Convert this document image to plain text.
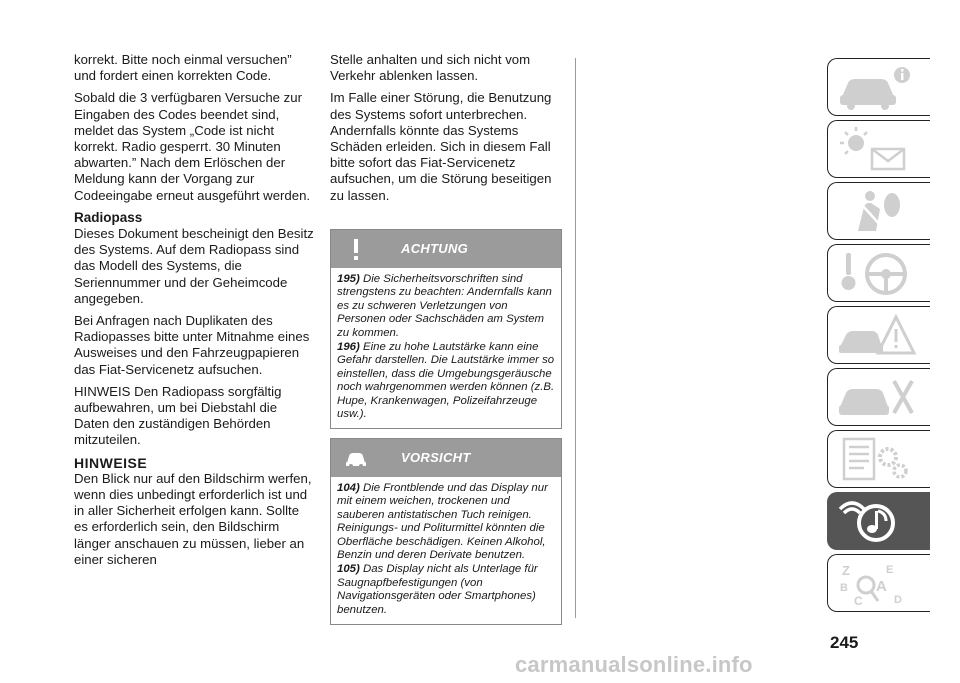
korrekt. Bitte noch einmal versuchen” und fordert einen korrekten Code.

Sobald die 3 verfügbaren Versuche zur Eingaben des Codes beendet sind, meldet das System „Code ist nicht korrekt. Radio gesperrt. 30 Minuten abwarten.” Nach dem Erlöschen der Meldung kann der Vorgang zur Codeeingabe erneut ausgeführt werden.

Radiopass

Dieses Dokument bescheinigt den Besitz des Systems. Auf dem Radiopass sind das Modell des Systems, die Seriennummer und der Geheimcode angegeben.

Bei Anfragen nach Duplikaten des Radiopasses bitte unter Mitnahme eines Ausweises und den Fahrzeugpapieren das Fiat-Servicenetz aufsuchen.

HINWEIS Den Radiopass sorgfältig aufbewahren, um bei Diebstahl die Daten den zuständigen Behörden mitzuteilen.

HINWEISE

Den Blick nur auf den Bildschirm werfen, wenn dies unbedingt erforderlich ist und in aller Sicherheit erfolgen kann. Sollte es erforderlich sein, den Bildschirm länger anschauen zu müssen, lieber an einer sicheren

Stelle anhalten und sich nicht vom Verkehr ablenken lassen.

Im Falle einer Störung, die Benutzung des Systems sofort unterbrechen. Andernfalls könnte das Systems Schäden erleiden. Sich in diesem Fall bitte sofort das Fiat-Servicenetz aufsuchen, um die Störung beseitigen zu lassen.

ACHTUNG

195) Die Sicherheitsvorschriften sind strengstens zu beachten: Andernfalls kann es zu schweren Verletzungen von Personen oder Sachschäden am System zu kommen.

196) Eine zu hohe Lautstärke kann eine Gefahr darstellen. Die Lautstärke immer so einstellen, dass die Umgebungsgeräusche noch wahrgenommen werden können (z.B. Hupe, Krankenwagen, Polizeifahrzeuge usw.).

VORSICHT

104) Die Frontblende und das Display nur mit einem weichen, trockenen und sauberen antistatischen Tuch reinigen. Reinigungs- und Politurmittel könnten die Oberfläche beschädigen. Keinen Alkohol, Benzin und deren Derivate benutzen.

105) Das Display nicht als Unterlage für Saugnapfbefestigungen (von Navigationsgeräten oder Smartphones) benutzen.

Z	E
B A
C	D
245
carmanualsonline.info
